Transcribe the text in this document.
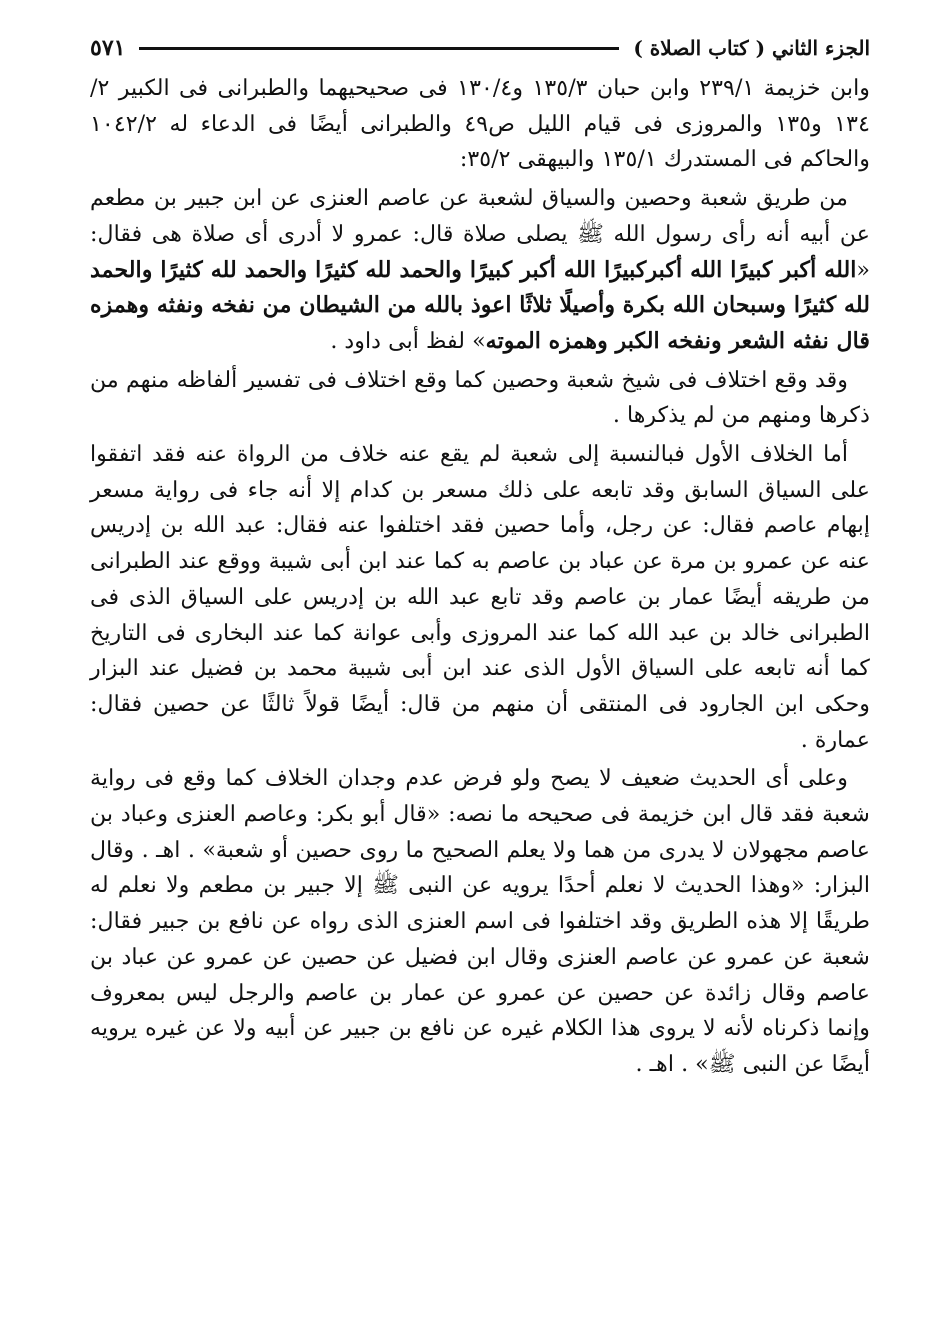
الجزء الثاني ( كتاب الصلاة )
٥٧١

وابن خزيمة ٢٣٩/١ وابن حبان ١٣٥/٣ و١٣٠/٤ فى صحيحيهما والطبرانى فى الكبير ٢/ ١٣٤ و١٣٥ والمروزى فى قيام الليل ص٤٩ والطبرانى أيضًا فى الدعاء له ١٠٤٢/٢ والحاكم فى المستدرك ١٣٥/١ والبيهقى ٣٥/٢:

من طريق شعبة وحصين والسياق لشعبة عن عاصم العنزى عن ابن جبير بن مطعم عن أبيه أنه رأى رسول الله ﷺ يصلى صلاة قال: عمرو لا أدرى أى صلاة هى فقال: «الله أكبر كبيرًا الله أكبركبيرًا الله أكبر كبيرًا والحمد لله كثيرًا والحمد لله كثيرًا والحمد لله كثيرًا وسبحان الله بكرة وأصيلًا ثلاثًا اعوذ بالله من الشيطان من نفخه ونفثه وهمزه قال نفثه الشعر ونفخه الكبر وهمزه الموته» لفظ أبى داود .

وقد وقع اختلاف فى شيخ شعبة وحصين كما وقع اختلاف فى تفسير ألفاظه منهم من ذكرها ومنهم من لم يذكرها .

أما الخلاف الأول فبالنسبة إلى شعبة لم يقع عنه خلاف من الرواة عنه فقد اتفقوا على السياق السابق وقد تابعه على ذلك مسعر بن كدام إلا أنه جاء فى رواية مسعر إبهام عاصم فقال: عن رجل، وأما حصين فقد اختلفوا عنه فقال: عبد الله بن إدريس عنه عن عمرو بن مرة عن عباد بن عاصم به كما عند ابن أبى شيبة ووقع عند الطبرانى من طريقه أيضًا عمار بن عاصم وقد تابع عبد الله بن إدريس على السياق الذى فى الطبرانى خالد بن عبد الله كما عند المروزى وأبى عوانة كما عند البخارى فى التاريخ كما أنه تابعه على السياق الأول الذى عند ابن أبى شيبة محمد بن فضيل عند البزار وحكى ابن الجارود فى المنتقى أن منهم من قال: أيضًا قولاً ثالثًا عن حصين فقال: عمارة .

وعلى أى الحديث ضعيف لا يصح ولو فرض عدم وجدان الخلاف كما وقع فى رواية شعبة فقد قال ابن خزيمة فى صحيحه ما نصه: «قال أبو بكر: وعاصم العنزى وعباد بن عاصم مجهولان لا يدرى من هما ولا يعلم الصحيح ما روى حصين أو شعبة» . اهـ . وقال البزار: «وهذا الحديث لا نعلم أحدًا يرويه عن النبى ﷺ إلا جبير بن مطعم ولا نعلم له طريقًا إلا هذه الطريق وقد اختلفوا فى اسم العنزى الذى رواه عن نافع بن جبير فقال: شعبة عن عمرو عن عاصم العنزى وقال ابن فضيل عن حصين عن عمرو عن عباد بن عاصم وقال زائدة عن حصين عن عمرو عن عمار بن عاصم والرجل ليس بمعروف وإنما ذكرناه لأنه لا يروى هذا الكلام غيره عن نافع بن جبير عن أبيه ولا عن غيره يرويه أيضًا عن النبى ﷺ» . اهـ .
